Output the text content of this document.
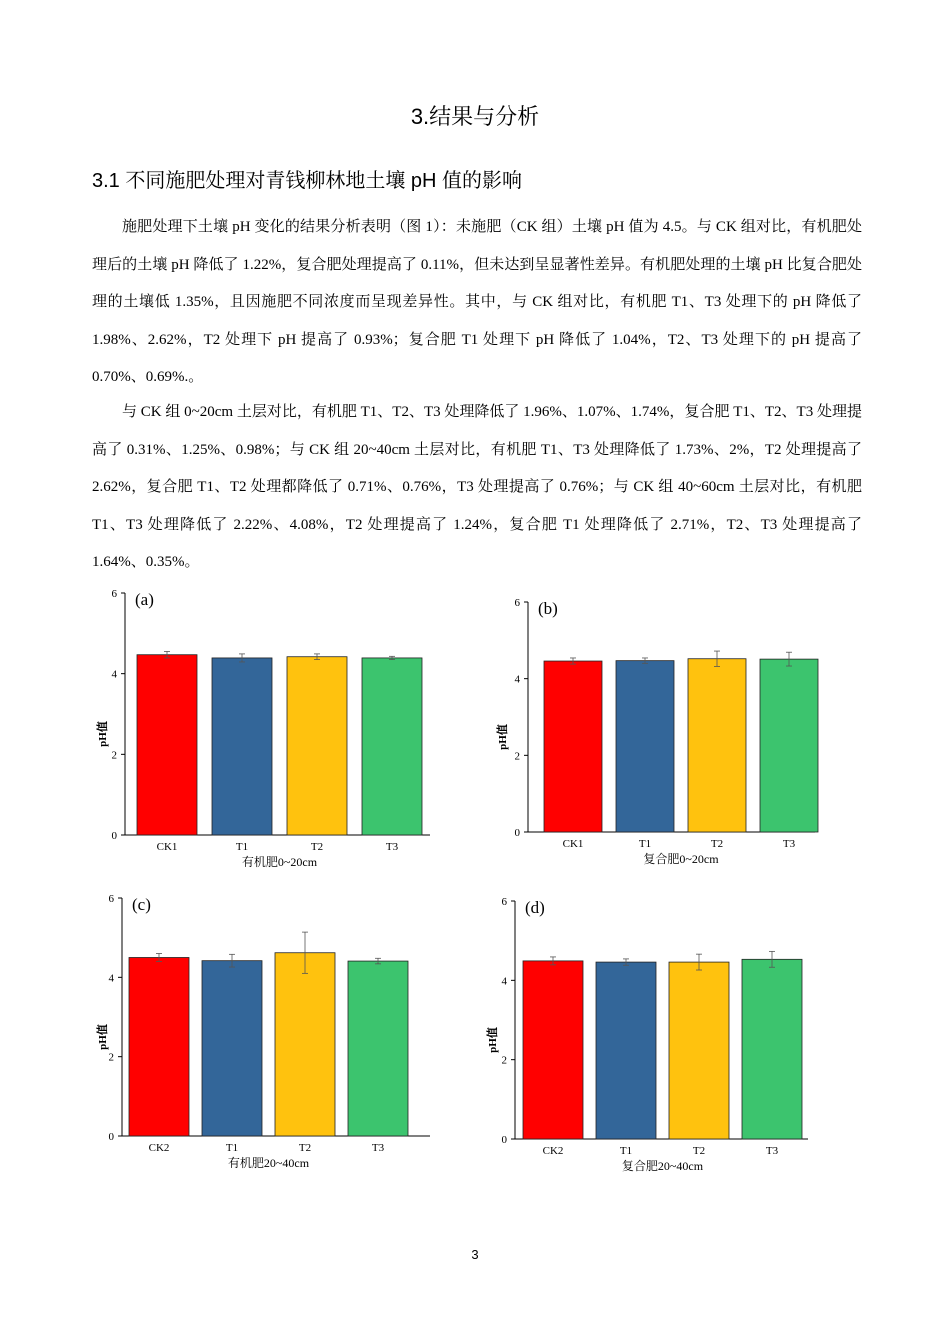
3.结果与分析
3.1 不同施肥处理对青钱柳林地土壤 pH 值的影响

施肥处理下土壤 pH 变化的结果分析表明（图 1）：未施肥（CK 组）土壤 pH 值为 4.5。与 CK 组对比，有机肥处理后的土壤 pH 降低了 1.22%，复合肥处理提高了 0.11%，但未达到呈显著性差异。有机肥处理的土壤 pH 比复合肥处理的土壤低 1.35%，且因施肥不同浓度而呈现差异性。其中，与 CK 组对比，有机肥 T1、T3 处理下的 pH 降低了 1.98%、2.62%，T2 处理下 pH 提高了 0.93%；复合肥 T1 处理下 pH 降低了 1.04%，T2、T3 处理下的 pH 提高了 0.70%、0.69%.。

与 CK 组 0~20cm 土层对比，有机肥 T1、T2、T3 处理降低了 1.96%、1.07%、1.74%，复合肥 T1、T2、T3 处理提高了 0.31%、1.25%、0.98%；与 CK 组 20~40cm 土层对比，有机肥 T1、T3 处理降低了 1.73%、2%，T2 处理提高了 2.62%，复合肥 T1、T2 处理都降低了 0.71%、0.76%，T3 处理提高了 0.76%；与 CK 组 40~60cm 土层对比，有机肥 T1、T3 处理降低了 2.22%、4.08%，T2 处理提高了 1.24%，复合肥 T1 处理降低了 2.71%，T2、T3 处理提高了 1.64%、0.35%。

0
2
4
6 (a)
pH值
CK1	T1	T2	T3
有机肥0~20cm
0
2
4
6 (b)
pH值
CK1	T1	T2	T3
复合肥0~20cm
0
2
4
6 (c)
pH值
CK2	T1	T2	T3
有机肥20~40cm
0
2
4
6 (d)
pH值
CK2	T1	T2	T3
复合肥20~40cm
3
